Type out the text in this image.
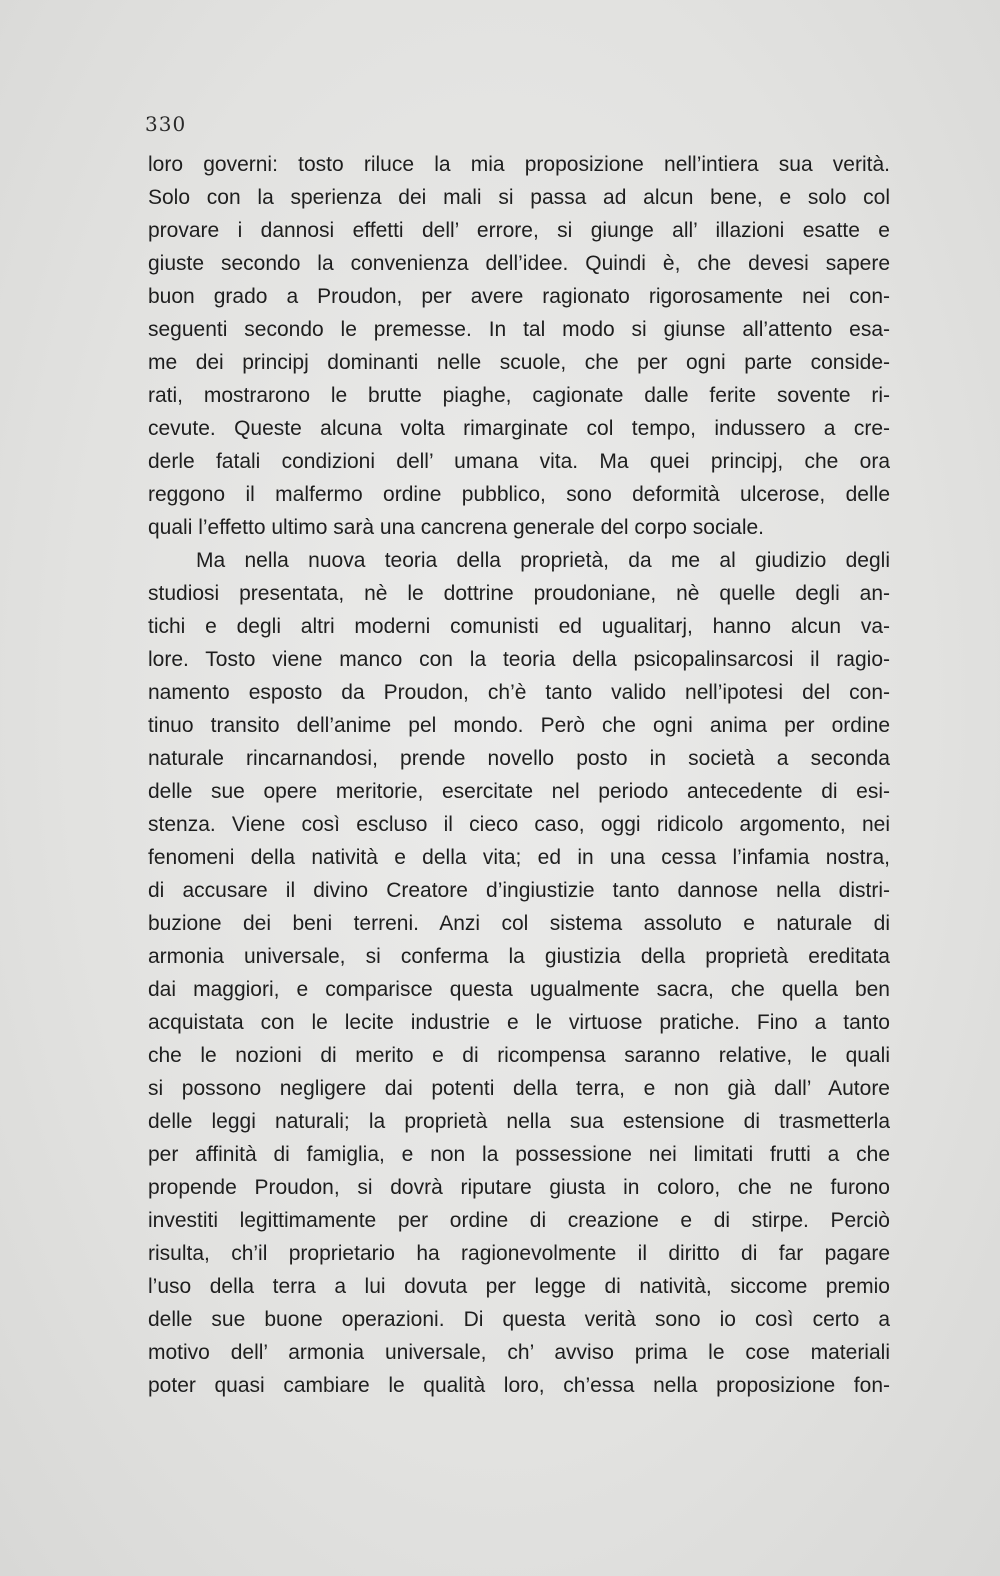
330
loro governi: tosto riluce la mia proposizione nell’intiera sua verità.
Solo con la sperienza dei mali si passa ad alcun bene, e solo col
provare i dannosi effetti dell’ errore, si giunge all’ illazioni esatte e
giuste secondo la convenienza dell’idee. Quindi è, che devesi sapere
buon grado a Proudon, per avere ragionato rigorosamente nei con-
seguenti secondo le premesse. In tal modo si giunse all’attento esa-
me dei principj dominanti nelle scuole, che per ogni parte conside-
rati, mostrarono le brutte piaghe, cagionate dalle ferite sovente ri-
cevute. Queste alcuna volta rimarginate col tempo, indussero a cre-
derle fatali condizioni dell’ umana vita. Ma quei principj, che ora
reggono il malfermo ordine pubblico, sono deformità ulcerose, delle
quali l’effetto ultimo sarà una cancrena generale del corpo sociale.
Ma nella nuova teoria della proprietà, da me al giudizio degli
studiosi presentata, nè le dottrine proudoniane, nè quelle degli an-
tichi e degli altri moderni comunisti ed ugualitarj, hanno alcun va-
lore. Tosto viene manco con la teoria della psicopalinsarcosi il ragio-
namento esposto da Proudon, ch’è tanto valido nell’ipotesi del con-
tinuo transito dell’anime pel mondo. Però che ogni anima per ordine
naturale rincarnandosi, prende novello posto in società a seconda
delle sue opere meritorie, esercitate nel periodo antecedente di esi-
stenza. Viene così escluso il cieco caso, oggi ridicolo argomento, nei
fenomeni della natività e della vita; ed in una cessa l’infamia nostra,
di accusare il divino Creatore d’ingiustizie tanto dannose nella distri-
buzione dei beni terreni. Anzi col sistema assoluto e naturale di
armonia universale, si conferma la giustizia della proprietà ereditata
dai maggiori, e comparisce questa ugualmente sacra, che quella ben
acquistata con le lecite industrie e le virtuose pratiche. Fino a tanto
che le nozioni di merito e di ricompensa saranno relative, le quali
si possono negligere dai potenti della terra, e non già dall’ Autore
delle leggi naturali; la proprietà nella sua estensione di trasmetterla
per affinità di famiglia, e non la possessione nei limitati frutti a che
propende Proudon, si dovrà riputare giusta in coloro, che ne furono
investiti legittimamente per ordine di creazione e di stirpe. Perciò
risulta, ch’il proprietario ha ragionevolmente il diritto di far pagare
l’uso della terra a lui dovuta per legge di natività, siccome premio
delle sue buone operazioni. Di questa verità sono io così certo a
motivo dell’ armonia universale, ch’ avviso prima le cose materiali
poter quasi cambiare le qualità loro, ch’essa nella proposizione fon-
